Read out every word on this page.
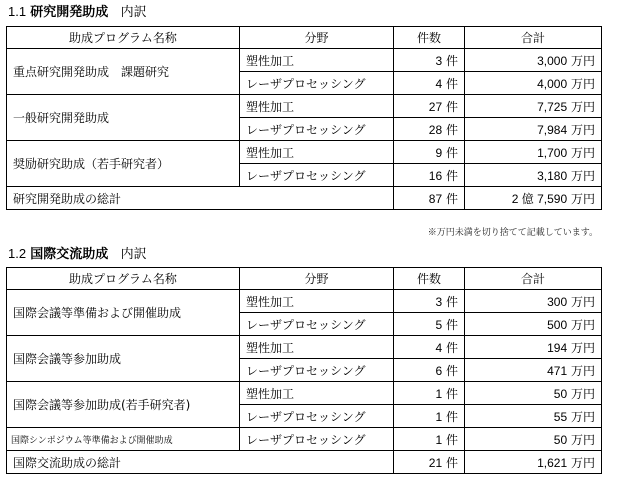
1.1 研究開発助成 内訳
助成プログラム名称	分野	件数	合計
重点研究開発助成　課題研究	塑性加工	3 件	3,000 万円
	レーザプロセッシング	4 件	4,000 万円
一般研究開発助成	塑性加工	27 件	7,725 万円
	レーザプロセッシング	28 件	7,984 万円
奨励研究助成（若手研究者）	塑性加工	9 件	1,700 万円
	レーザプロセッシング	16 件	3,180 万円
研究開発助成の総計		87 件	2 億 7,590 万円
※万円未満を切り捨てて記載しています。
1.2 国際交流助成 内訳
助成プログラム名称	分野	件数	合計
国際会議等準備および開催助成	塑性加工	3 件	300 万円
	レーザプロセッシング	5 件	500 万円
国際会議等参加助成	塑性加工	4 件	194 万円
	レーザプロセッシング	6 件	471 万円
国際会議等参加助成(若手研究者)	塑性加工	1 件	50 万円
	レーザプロセッシング	1 件	55 万円
国際シンポジウム等準備および開催助成	レーザプロセッシング	1 件	50 万円
国際交流助成の総計		21 件	1,621 万円
